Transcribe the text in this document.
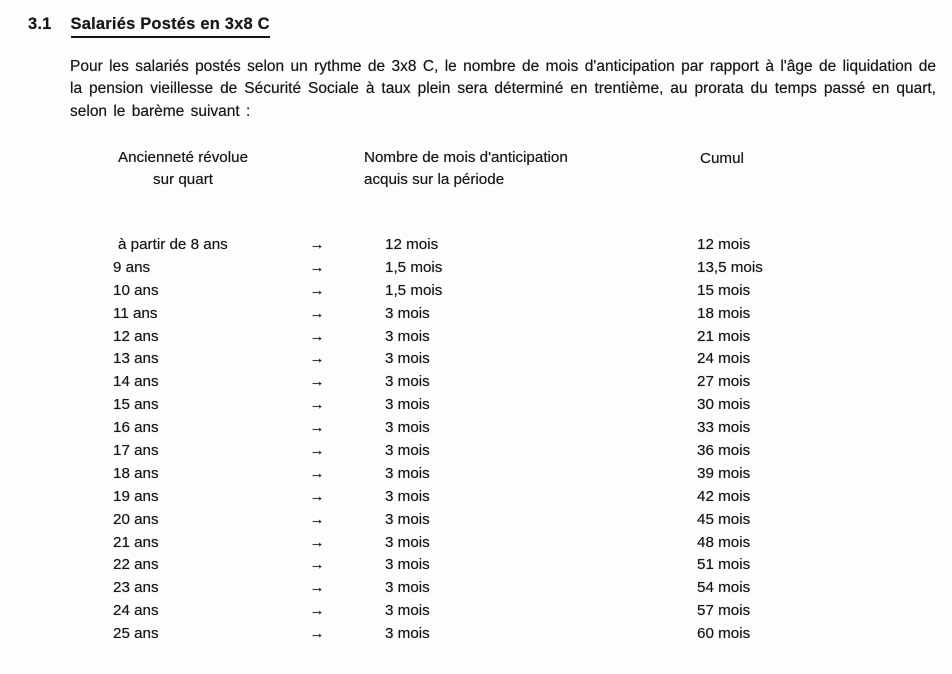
3.1 Salariés Postés en 3x8 C

Pour les salariés postés selon un rythme de 3x8 C, le nombre de mois d'anticipation par rapport à l'âge de liquidation de la pension vieillesse de Sécurité Sociale à taux plein sera déterminé en trentième, au prorata du temps passé en quart, selon le barème suivant :

Ancienneté révolue
sur quart
Nombre de mois d'anticipation
acquis sur la période
Cumul
à partir de 8 ans	→	12 mois	12 mois
9 ans	→	1,5 mois	13,5 mois
10 ans	→	1,5 mois	15 mois
11 ans	→	3 mois	18 mois
12 ans	→	3 mois	21 mois
13 ans	→	3 mois	24 mois
14 ans	→	3 mois	27 mois
15 ans	→	3 mois	30 mois
16 ans	→	3 mois	33 mois
17 ans	→	3 mois	36 mois
18 ans	→	3 mois	39 mois
19 ans	→	3 mois	42 mois
20 ans	→	3 mois	45 mois
21 ans	→	3 mois	48 mois
22 ans	→	3 mois	51 mois
23 ans	→	3 mois	54 mois
24 ans	→	3 mois	57 mois
25 ans	→	3 mois	60 mois
